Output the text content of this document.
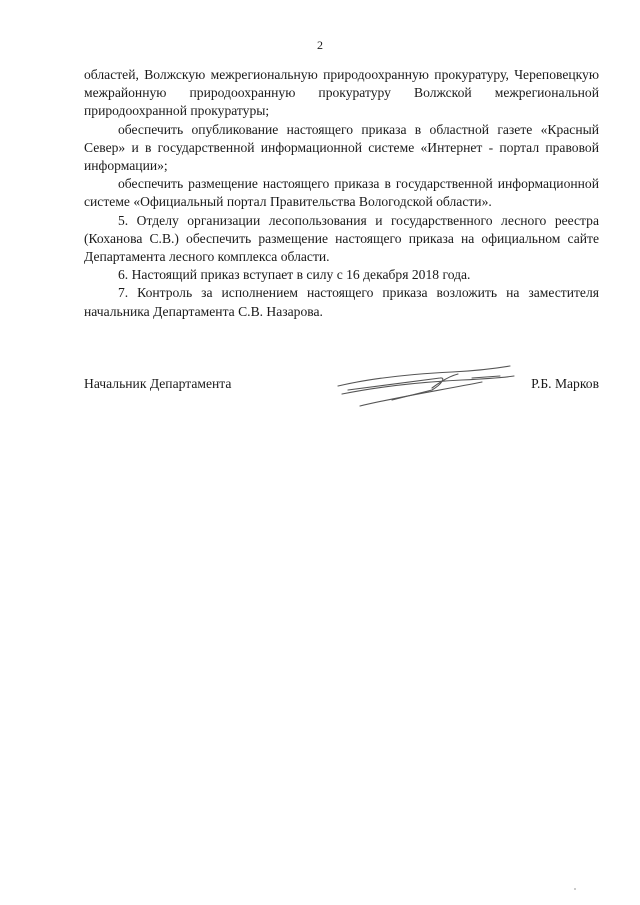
2

областей, Волжскую межрегиональную природоохранную прокуратуру, Череповецкую межрайонную природоохранную прокуратуру Волжской межрегиональной природоохранной прокуратуры;

обеспечить опубликование настоящего приказа в областной газете «Красный Север» и в государственной информационной системе «Интернет - портал правовой информации»;

обеспечить размещение настоящего приказа в государственной информационной системе «Официальный портал Правительства Вологодской области».

5. Отделу организации лесопользования и государственного лесного реестра (Коханова С.В.) обеспечить размещение настоящего приказа на официальном сайте Департамента лесного комплекса области.

6. Настоящий приказ вступает в силу с 16 декабря 2018 года.

7. Контроль за исполнением настоящего приказа возложить на заместителя начальника Департамента С.В. Назарова.

Начальник Департамента	Р.Б. Марков
